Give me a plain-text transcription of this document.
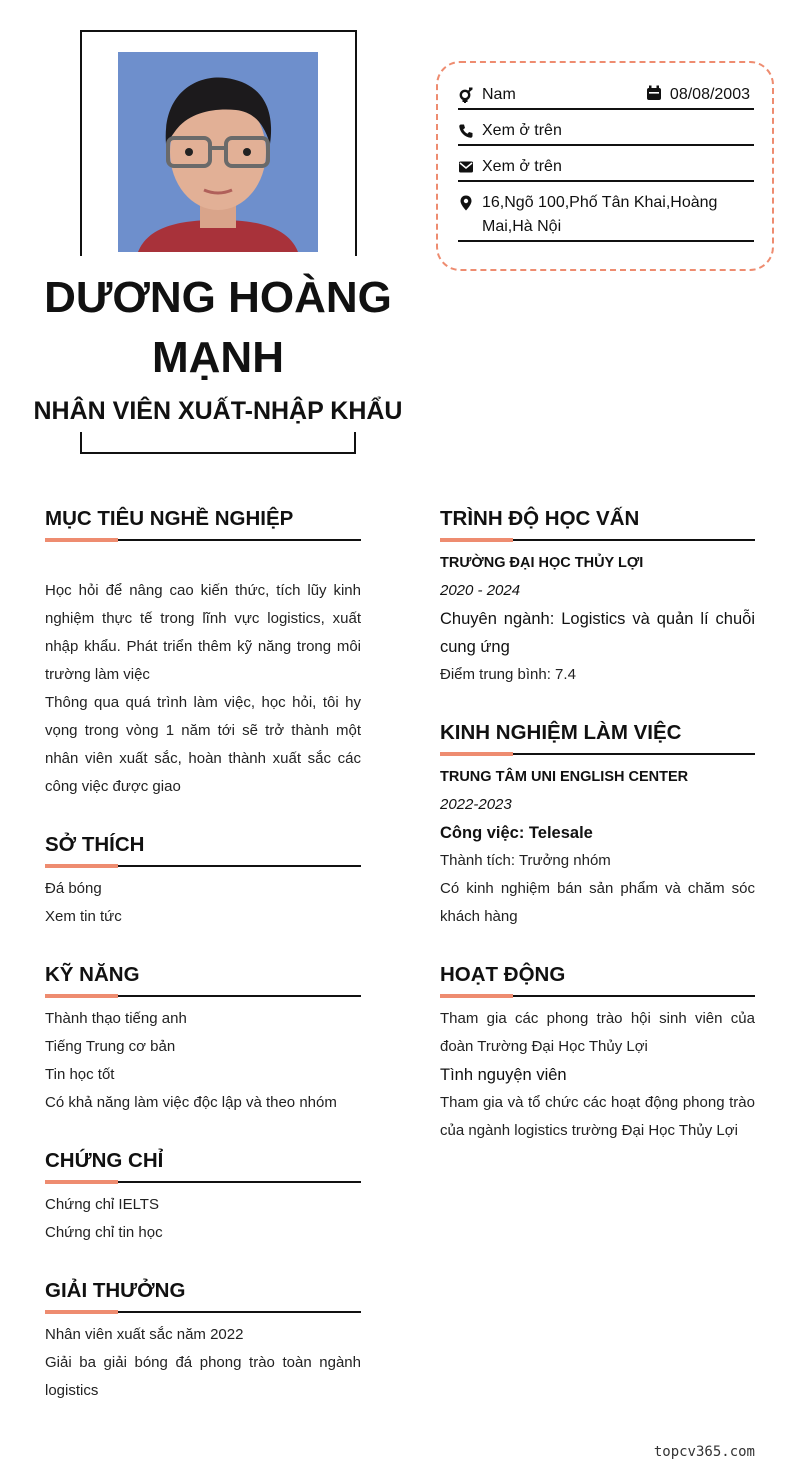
DƯƠNG HOÀNG MẠNH
NHÂN VIÊN XUẤT-NHẬP KHẨU
Nam	08/08/2003
Xem ở trên
Xem ở trên
16,Ngõ 100,Phố Tân Khai,Hoàng Mai,Hà Nội
MỤC TIÊU NGHỀ NGHIỆP
Học hỏi để nâng cao kiến thức, tích lũy kinh nghiệm thực tế trong lĩnh vực logistics, xuất nhập khẩu. Phát triển thêm kỹ năng trong môi trường làm việc
Thông qua quá trình làm việc, học hỏi, tôi hy vọng trong vòng 1 năm tới sẽ trở thành một nhân viên xuất sắc, hoàn thành xuất sắc các công việc được giao
SỞ THÍCH
Đá bóng
Xem tin tức
KỸ NĂNG
Thành thạo tiếng anh
Tiếng Trung cơ bản
Tin học tốt
Có khả năng làm việc độc lập và theo nhóm
CHỨNG CHỈ
Chứng chỉ IELTS
Chứng chỉ tin học
GIẢI THƯỞNG
Nhân viên xuất sắc năm 2022
Giải ba giải bóng đá phong trào toàn ngành logistics
TRÌNH ĐỘ HỌC VẤN
TRƯỜNG ĐẠI HỌC THỦY LỢI
2020 - 2024
Chuyên ngành: Logistics và quản lí chuỗi cung ứng
Điểm trung bình: 7.4
KINH NGHIỆM LÀM VIỆC
TRUNG TÂM UNI ENGLISH CENTER
2022-2023
Công việc: Telesale
Thành tích: Trưởng nhóm
Có kinh nghiệm bán sản phẩm và chăm sóc khách hàng
HOẠT ĐỘNG
Tham gia các phong trào hội sinh viên của đoàn Trường Đại Học Thủy Lợi
Tình nguyện viên
Tham gia và tổ chức các hoạt động phong trào của ngành logistics trường Đại Học Thủy Lợi
topcv365.com
